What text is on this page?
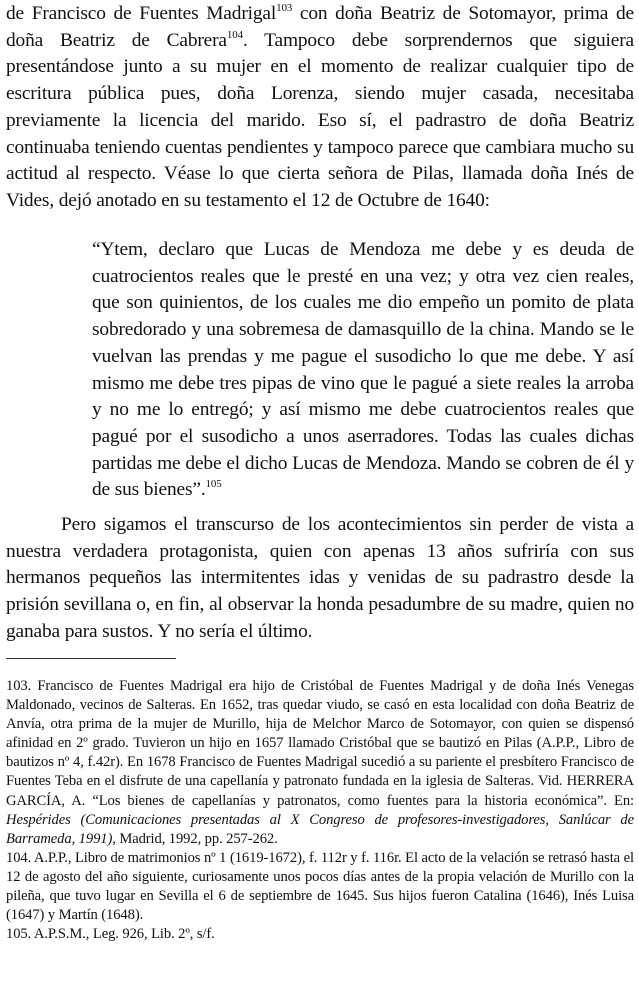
de Francisco de Fuentes Madrigal$^{103}$ con doña Beatriz de Sotomayor, prima de doña Beatriz de Cabrera$^{104}$. Tampoco debe sorprendernos que siguiera presentándose junto a su mujer en el momento de realizar cualquier tipo de escritura pública pues, doña Lorenza, siendo mujer casada, necesitaba previamente la licencia del marido. Eso sí, el padrastro de doña Beatriz continuaba teniendo cuentas pendientes y tampoco parece que cambiara mucho su actitud al respecto. Véase lo que cierta señora de Pilas, llamada doña Inés de Vides, dejó anotado en su testamento el 12 de Octubre de 1640:

“Ytem, declaro que Lucas de Mendoza me debe y es deuda de cuatrocientos reales que le presté en una vez; y otra vez cien reales, que son quinientos, de los cuales me dio empeño un pomito de plata sobredorado y una sobremesa de damasquillo de la china. Mando se le vuelvan las prendas y me pague el susodicho lo que me debe. Y así mismo me debe tres pipas de vino que le pagué a siete reales la arroba y no me lo entregó; y así mismo me debe cuatrocientos reales que pagué por el susodicho a unos aserradores. Todas las cuales dichas partidas me debe el dicho Lucas de Mendoza. Mando se cobren de él y de sus bienes”.$^{105}$

Pero sigamos el transcurso de los acontecimientos sin perder de vista a nuestra verdadera protagonista, quien con apenas 13 años sufriría con sus hermanos pequeños las intermitentes idas y venidas de su padrastro desde la prisión sevillana o, en fin, al observar la honda pesadumbre de su madre, quien no ganaba para sustos. Y no sería el último.

103. Francisco de Fuentes Madrigal era hijo de Cristóbal de Fuentes Madrigal y de doña Inés Venegas Maldonado, vecinos de Salteras. En 1652, tras quedar viudo, se casó en esta localidad con doña Beatriz de Anvía, otra prima de la mujer de Murillo, hija de Melchor Marco de Sotomayor, con quien se dispensó afinidad en 2º grado. Tuvieron un hijo en 1657 llamado Cristóbal que se bautizó en Pilas (A.P.P., Libro de bautizos nº 4, f.42r). En 1678 Francisco de Fuentes Madrigal sucedió a su pariente el presbítero Francisco de Fuentes Teba en el disfrute de una capellanía y patronato fundada en la iglesia de Salteras. Vid. HERRERA GARCÍA, A. “Los bienes de capellanías y patronatos, como fuentes para la historia económica”. En: Hespérides (Comunicaciones presentadas al X Congreso de profesores-investigadores, Sanlúcar de Barrameda, 1991), Madrid, 1992, pp. 257-262.

104. A.P.P., Libro de matrimonios nº 1 (1619-1672), f. 112r y f. 116r. El acto de la velación se retrasó hasta el 12 de agosto del año siguiente, curiosamente unos pocos días antes de la propia velación de Murillo con la pileña, que tuvo lugar en Sevilla el 6 de septiembre de 1645. Sus hijos fueron Catalina (1646), Inés Luisa (1647) y Martín (1648).

105. A.P.S.M., Leg. 926, Lib. 2º, s/f.
